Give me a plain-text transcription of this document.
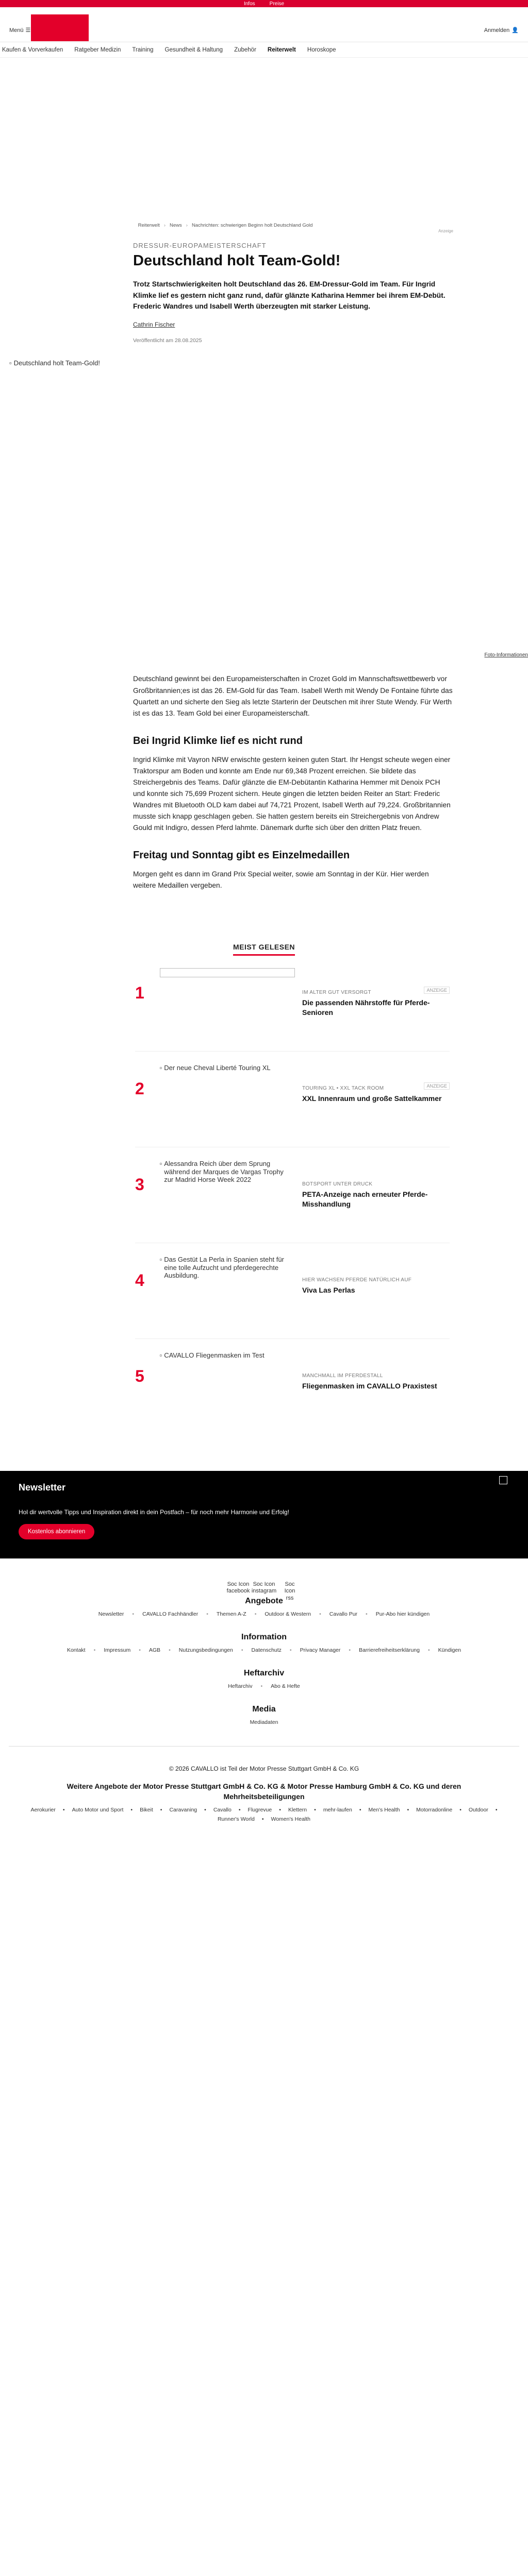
Infos	Preise
Menü ☰	Anmelden 👤
Kaufen & Vorverkaufen Ratgeber Medizin Training Gesundheit & Haltung Zubehör Reiterwelt Horoskope
Reiterwelt › News › Nachrichten: schwierigen Beginn holt Deutschland Gold
Anzeige
DRESSUR-EUROPAMEISTERSCHAFT
Deutschland holt Team-Gold!
Trotz Startschwierigkeiten holt Deutschland das 26. EM-Dressur-Gold im Team. Für Ingrid Klimke lief es gestern nicht ganz rund, dafür glänzte Katharina Hemmer bei ihrem EM-Debüt. Frederic Wandres und Isabell Werth überzeugten mit starker Leistung.
Cathrin Fischer
Veröffentlicht am 28.08.2025
▫ Deutschland holt Team-Gold!
Foto-Informationen

Deutschland gewinnt bei den Europameisterschaften in Crozet Gold im Mannschaftswettbewerb vor Großbritannien;es ist das 26. EM-Gold für das Team. Isabell Werth mit Wendy De Fontaine führte das Quartett an und sicherte den Sieg als letzte Starterin der Deutschen mit ihrer Stute Wendy. Für Werth ist es das 13. Team Gold bei einer Europameisterschaft.

Bei Ingrid Klimke lief es nicht rund

Ingrid Klimke mit Vayron NRW erwischte gestern keinen guten Start. Ihr Hengst scheute wegen einer Traktorspur am Boden und konnte am Ende nur 69,348 Prozent erreichen. Sie bildete das Streichergebnis des Teams. Dafür glänzte die EM-Debütantin Katharina Hemmer mit Denoix PCH und konnte sich 75,699 Prozent sichern. Heute gingen die letzten beiden Reiter an Start: Frederic Wandres mit Bluetooth OLD kam dabei auf 74,721 Prozent, Isabell Werth auf 79,224. Großbritannien musste sich knapp geschlagen geben. Sie hatten gestern bereits ein Streichergebnis von Andrew Gould mit Indigro, dessen Pferd lahmte. Dänemark durfte sich über den dritten Platz freuen.

Freitag und Sonntag gibt es Einzelmedaillen

Morgen geht es dann im Grand Prix Special weiter, sowie am Sonntag in der Kür. Hier werden weitere Medaillen vergeben.

MEIST GELESEN
1	IM ALTER GUT VERSORGT
Die passenden Nährstoffe für Pferde-Senioren
ANZEIGE
2
▫ Der neue Cheval Liberté Touring XL
TOURING XL • XXL TACK ROOM
XXL Innenraum und große Sattelkammer
ANZEIGE
3
▫ Alessandra Reich über dem Sprung während der Marques de Vargas Trophy zur Madrid Horse Week 2022
BOTSPORT UNTER DRUCK
PETA-Anzeige nach erneuter Pferde-Misshandlung
4
▫ Das Gestüt La Perla in Spanien steht für eine tolle Aufzucht und pferdegerechte Ausbildung.
HIER WACHSEN PFERDE NATÜRLICH AUF
Viva Las Perlas
5
▫ CAVALLO Fliegenmasken im Test
MANCHMALL IM PFERDESTALL
Fliegenmasken im CAVALLO Praxistest
Newsletter

Hol dir wertvolle Tipps und Inspiration direkt in dein Postfach – für noch mehr Harmonie und Erfolg!

Kostenlos abonnieren
Soc Icon facebook
Soc Icon instagram
Soc Icon rss
Angebote
Newsletter • CAVALLO Fachhändler • Themen A-Z • Outdoor & Western • Cavallo Pur • Pur-Abo hier kündigen
Information
Kontakt • Impressum • AGB • Nutzungsbedingungen • Datenschutz • Privacy Manager • Barrierefreiheitserklärung • Kündigen
Heftarchiv
Heftarchiv • Abo & Hefte
Media
Mediadaten
© 2026 CAVALLO ist Teil der Motor Presse Stuttgart GmbH & Co. KG
Weitere Angebote der Motor Presse Stuttgart GmbH & Co. KG & Motor Presse Hamburg GmbH & Co. KG und deren Mehrheitsbeteiligungen
Aerokurier • Auto Motor und Sport • Bikeit • Caravaning • Cavallo • Flugrevue • Klettern • mehr-laufen • Men's Health • Motorradonline • Outdoor •
Runner's World • Women's Health
